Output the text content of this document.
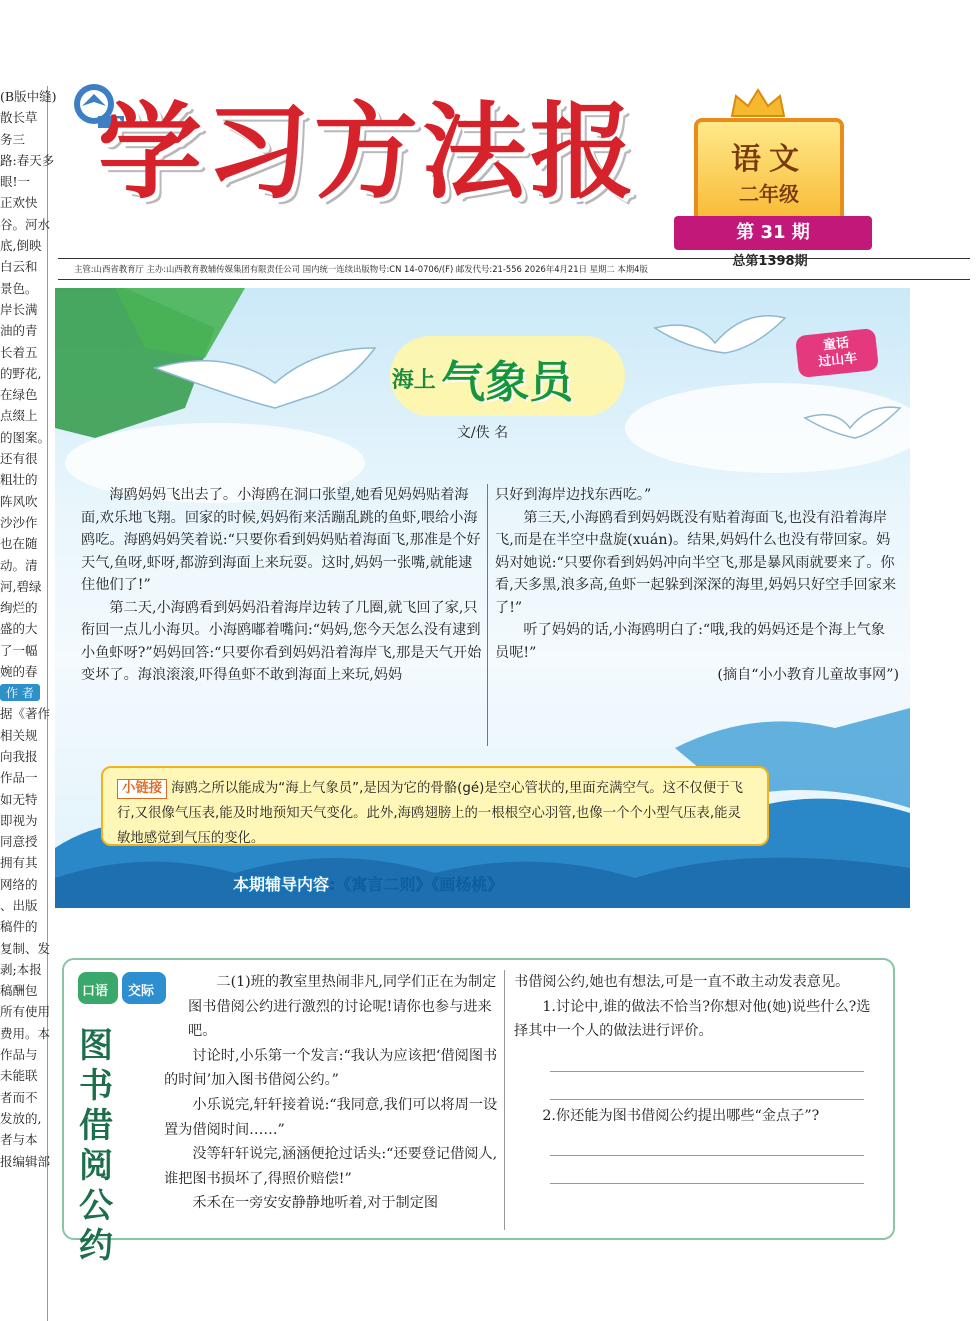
(B版中缝)
散长草
务三
路:春天多
眼!一
正欢快
谷。河水
底,倒映
白云和
景色。
岸长满
油的青
长着五
的野花,
在绿色
点缀上
的图案。
还有很
粗壮的
阵风吹
沙沙作
也在随
动。清
河,碧绿
绚烂的
盛的大
了一幅
婉的春
作 者
据《著作
相关规
向我报
作品一
如无特
即视为
同意授
拥有其
网络的
、出版
稿件的
复制、发
剥;本报
稿酬包
所有使用
费用。本
作品与
未能联
者而不
发放的,
者与本
报编辑部
学 习 方 法 报	语文
二年级
第 31 期
总第1398期
主管:山西省教育厅 主办:山西教育教辅传媒集团有限责任公司 国内统一连续出版物号:CN 14-0706/(F) 邮发代号:21-556 2026年4月21日 星期二 本期4版
海上 气象员
童话
过山车
文/佚 名

海鸥妈妈飞出去了。小海鸥在洞口张望,她看见妈妈贴着海面,欢乐地飞翔。回家的时候,妈妈衔来活蹦乱跳的鱼虾,喂给小海鸥吃。海鸥妈妈笑着说:“只要你看到妈妈贴着海面飞,那准是个好天气,鱼呀,虾呀,都游到海面上来玩耍。这时,妈妈一张嘴,就能逮住他们了!”

第二天,小海鸥看到妈妈沿着海岸边转了几圈,就飞回了家,只衔回一点儿小海贝。小海鸥嘟着嘴问:“妈妈,您今天怎么没有逮到小鱼虾呀?”妈妈回答:“只要你看到妈妈沿着海岸飞,那是天气开始变坏了。海浪滚滚,吓得鱼虾不敢到海面上来玩,妈妈

只好到海岸边找东西吃。”

第三天,小海鸥看到妈妈既没有贴着海面飞,也没有沿着海岸飞,而是在半空中盘旋(xuán)。结果,妈妈什么也没有带回家。妈妈对她说:“只要你看到妈妈冲向半空飞,那是暴风雨就要来了。你看,天多黑,浪多高,鱼虾一起躲到深深的海里,妈妈只好空手回家来了!”

听了妈妈的话,小海鸥明白了:“哦,我的妈妈还是个海上气象员呢!”

(摘自“小小教育儿童故事网”)

小链接 海鸥之所以能成为“海上气象员”,是因为它的骨骼(gé)是空心管状的,里面充满空气。这不仅便于飞行,又很像气压表,能及时地预知天气变化。此外,海鸥翅膀上的一根根空心羽管,也像一个个小型气压表,能灵敏地感觉到气压的变化。
本期辅导内容:《寓言二则》《画杨桃》
口语 交际
图书借阅公约

二(1)班的教室里热闹非凡,同学们正在为制定图书借阅公约进行激烈的讨论呢!请你也参与进来吧。

讨论时,小乐第一个发言:“我认为应该把‘借阅图书的时间’加入图书借阅公约。”

小乐说完,轩轩接着说:“我同意,我们可以将周一设置为借阅时间……”

没等轩轩说完,涵涵便抢过话头:“还要登记借阅人,谁把图书损坏了,得照价赔偿!”

禾禾在一旁安安静静地听着,对于制定图

书借阅公约,她也有想法,可是一直不敢主动发表意见。

1.讨论中,谁的做法不恰当?你想对他(她)说些什么?选择其中一个人的做法进行评价。

2.你还能为图书借阅公约提出哪些“金点子”?
